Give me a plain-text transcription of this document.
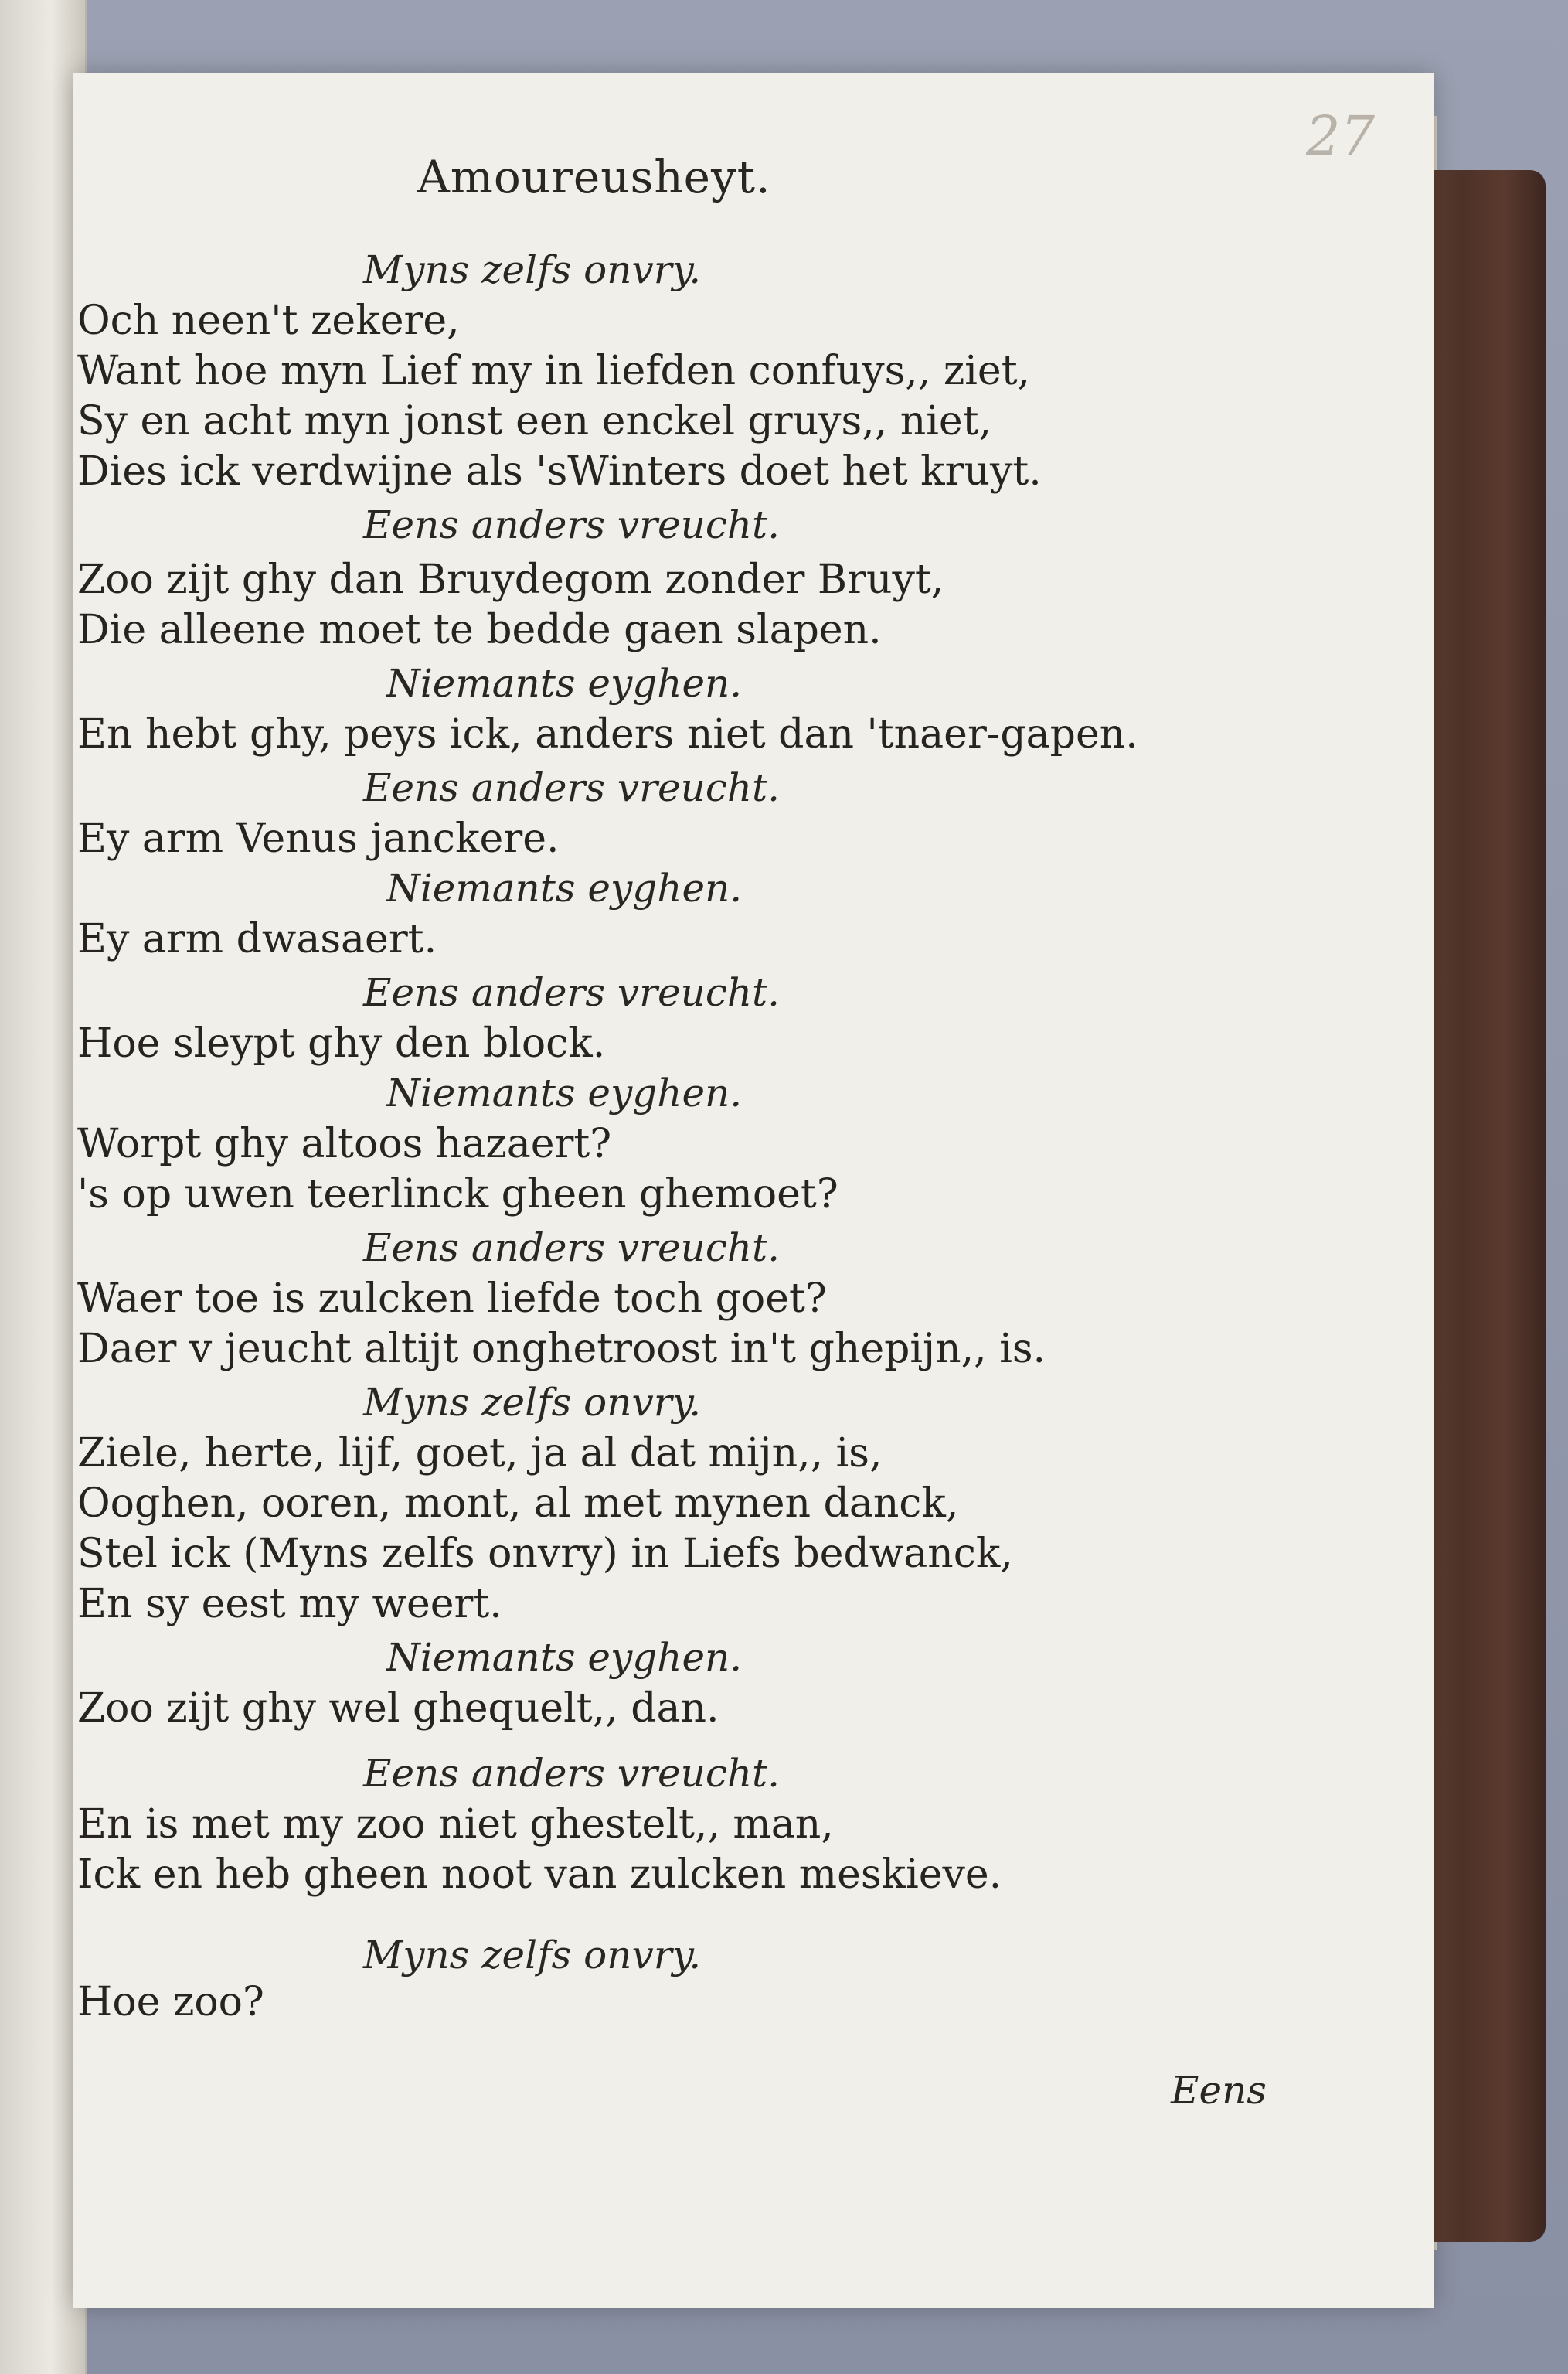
27
Amoureusheyt.
Myns zelfs onvry.
Och neen't zekere,
Want hoe myn Lief my in liefden confuys,, ziet,
Sy en acht myn jonst een enckel gruys,, niet,
Dies ick verdwijne als 'sWinters doet het kruyt.
Eens anders vreucht.
Zoo zijt ghy dan Bruydegom zonder Bruyt,
Die alleene moet te bedde gaen slapen.
Niemants eyghen.
En hebt ghy, peys ick, anders niet dan 'tnaer-gapen.
Eens anders vreucht.
Ey arm Venus janckere.
Niemants eyghen.
Ey arm dwasaert.
Eens anders vreucht.
Hoe sleypt ghy den block.
Niemants eyghen.
Worpt ghy altoos hazaert?
's op uwen teerlinck gheen ghemoet?
Eens anders vreucht.
Waer toe is zulcken liefde toch goet?
Daer v jeucht altijt onghetroost in't ghepijn,, is.
Myns zelfs onvry.
Ziele, herte, lijf, goet, ja al dat mijn,, is,
Ooghen, ooren, mont, al met mynen danck,
Stel ick (Myns zelfs onvry) in Liefs bedwanck,
En sy eest my weert.
Niemants eyghen.
Zoo zijt ghy wel ghequelt,, dan.
Eens anders vreucht.
En is met my zoo niet ghestelt,, man,
Ick en heb gheen noot van zulcken meskieve.
Myns zelfs onvry.
Hoe zoo?
Eens
